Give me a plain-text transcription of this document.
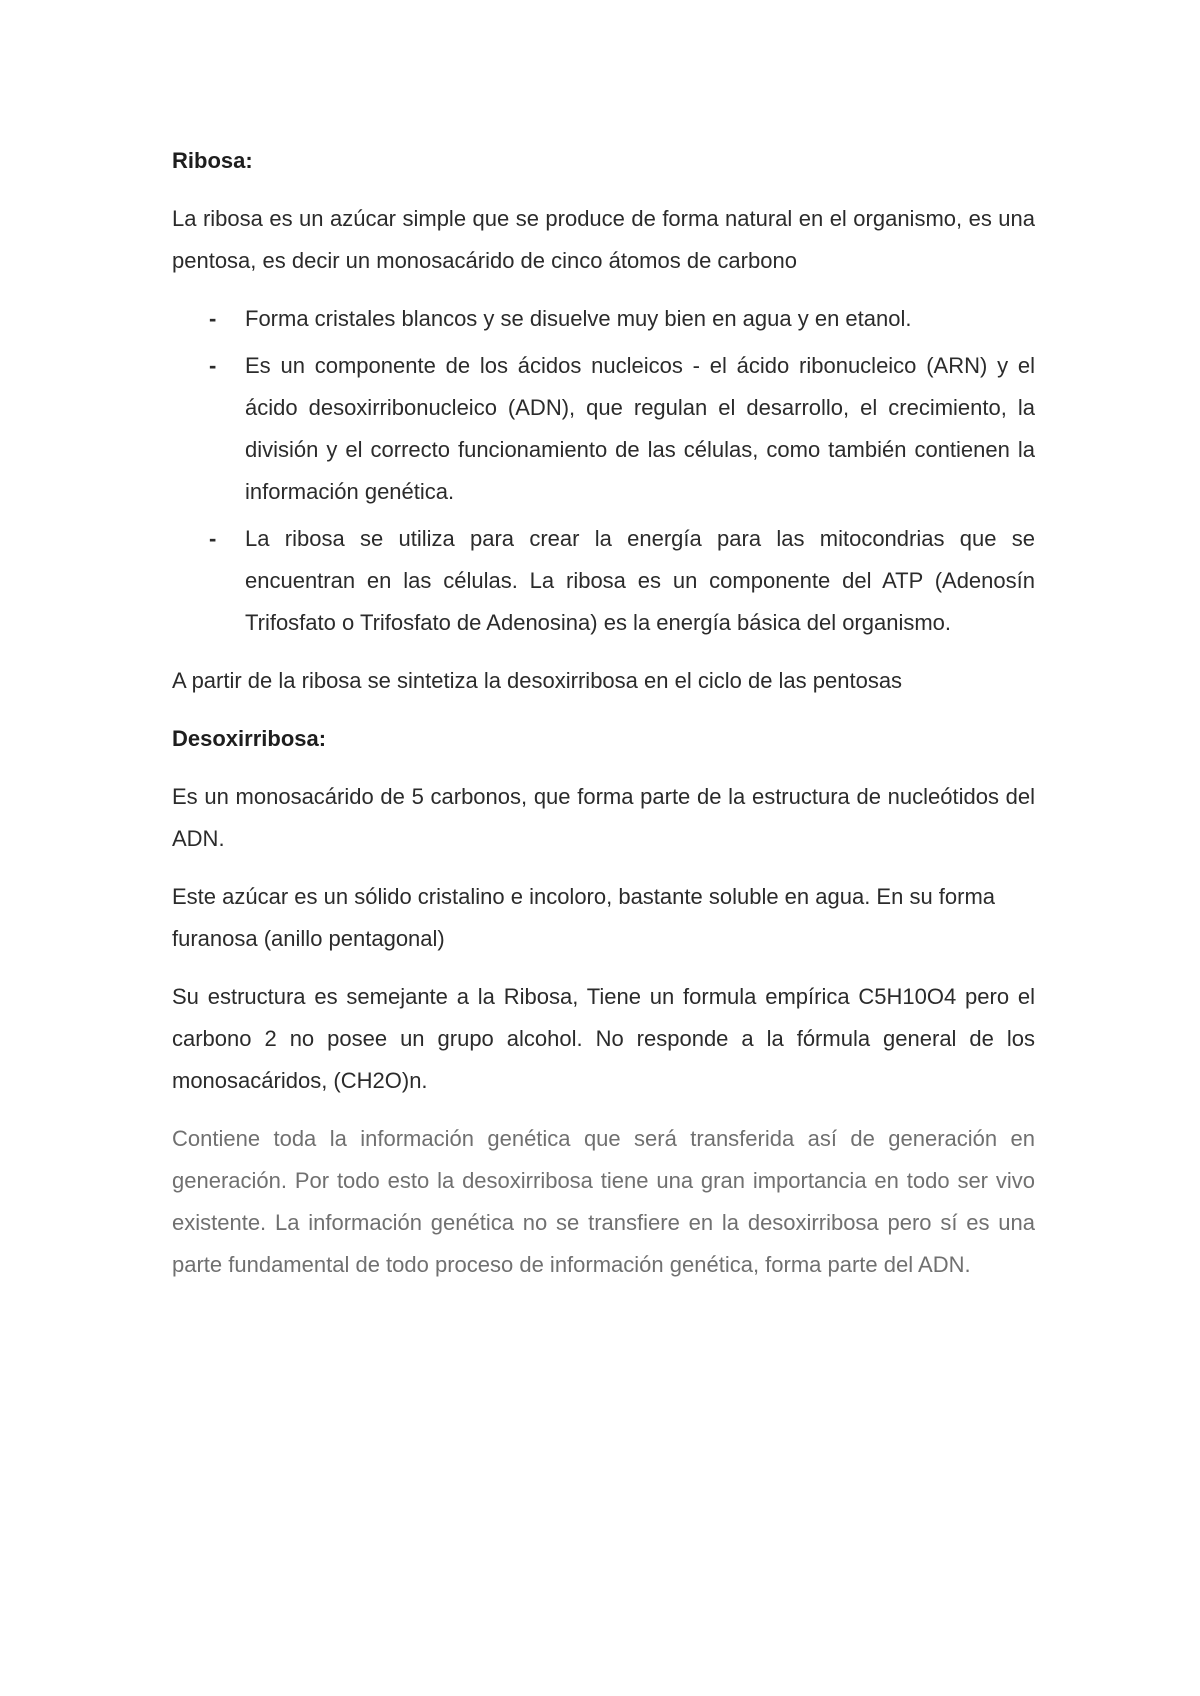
Ribosa:

La ribosa es un azúcar simple que se produce de forma natural en el organismo, es una pentosa, es decir un monosacárido de cinco átomos de carbono

- Forma cristales blancos y se disuelve muy bien en agua y en etanol.
- Es un componente de los ácidos nucleicos - el ácido ribonucleico (ARN) y el ácido desoxirribonucleico (ADN), que regulan el desarrollo, el crecimiento, la división y el correcto funcionamiento de las células, como también contienen la información genética.
- La ribosa se utiliza para crear la energía para las mitocondrias que se encuentran en las células. La ribosa es un componente del ATP (Adenosín Trifosfato o Trifosfato de Adenosina) es la energía básica del organismo.

A partir de la ribosa se sintetiza la desoxirribosa en el ciclo de las pentosas

Desoxirribosa:

Es un monosacárido de 5 carbonos, que forma parte de la estructura de nucleótidos del ADN.

Este azúcar es un sólido cristalino e incoloro, bastante soluble en agua. En su forma furanosa (anillo pentagonal)

Su estructura es semejante a la Ribosa, Tiene un formula empírica C5H10O4 pero el carbono 2 no posee un grupo alcohol. No responde a la fórmula general de los monosacáridos, (CH2O)n.

Contiene toda la información genética que será transferida así de generación en generación. Por todo esto la desoxirribosa tiene una gran importancia en todo ser vivo existente. La información genética no se transfiere en la desoxirribosa pero sí es una parte fundamental de todo proceso de información genética, forma parte del ADN.
